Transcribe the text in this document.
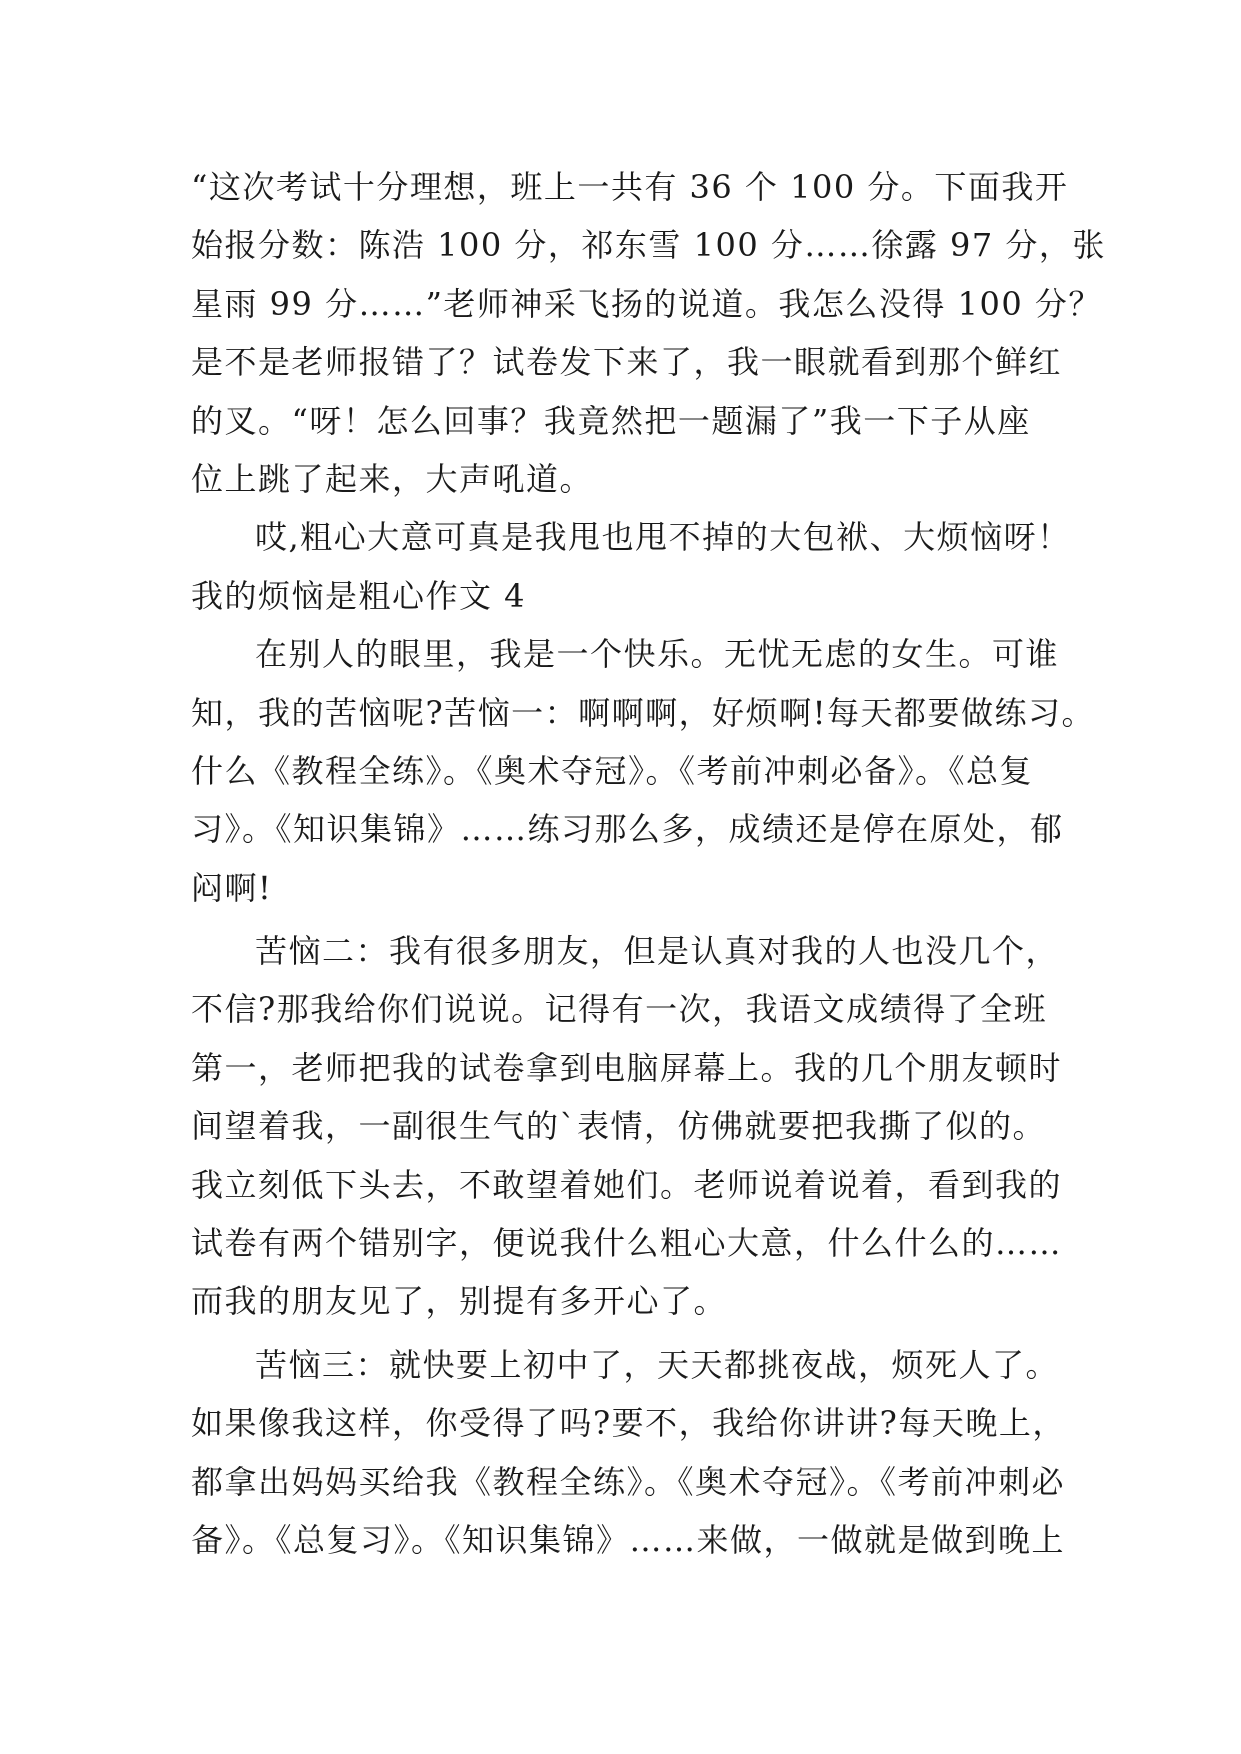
“这次考试十分理想，班上一共有 36 个 100 分。下面我开
始报分数：陈浩 100 分，祁东雪 100 分……徐露 97 分，张
星雨 99 分……”老师神采飞扬的说道。我怎么没得 100 分？
是不是老师报错了？试卷发下来了，我一眼就看到那个鲜红
的叉。“呀！怎么回事？我竟然把一题漏了”我一下子从座
位上跳了起来，大声吼道。
哎,粗心大意可真是我甩也甩不掉的大包袱、大烦恼呀！
我的烦恼是粗心作文 4
在别人的眼里，我是一个快乐。无忧无虑的女生。可谁
知，我的苦恼呢?苦恼一：啊啊啊，好烦啊!每天都要做练习。
什么《教程全练》。《奥术夺冠》。《考前冲刺必备》。《总复
习》。《知识集锦》……练习那么多，成绩还是停在原处，郁
闷啊!
苦恼二：我有很多朋友，但是认真对我的人也没几个，
不信?那我给你们说说。记得有一次，我语文成绩得了全班
第一，老师把我的试卷拿到电脑屏幕上。我的几个朋友顿时
间望着我，一副很生气的`表情，仿佛就要把我撕了似的。
我立刻低下头去，不敢望着她们。老师说着说着，看到我的
试卷有两个错别字，便说我什么粗心大意，什么什么的……
而我的朋友见了，别提有多开心了。
苦恼三：就快要上初中了，天天都挑夜战，烦死人了。
如果像我这样，你受得了吗?要不，我给你讲讲?每天晚上，
都拿出妈妈买给我《教程全练》。《奥术夺冠》。《考前冲刺必
备》。《总复习》。《知识集锦》……来做，一做就是做到晚上
